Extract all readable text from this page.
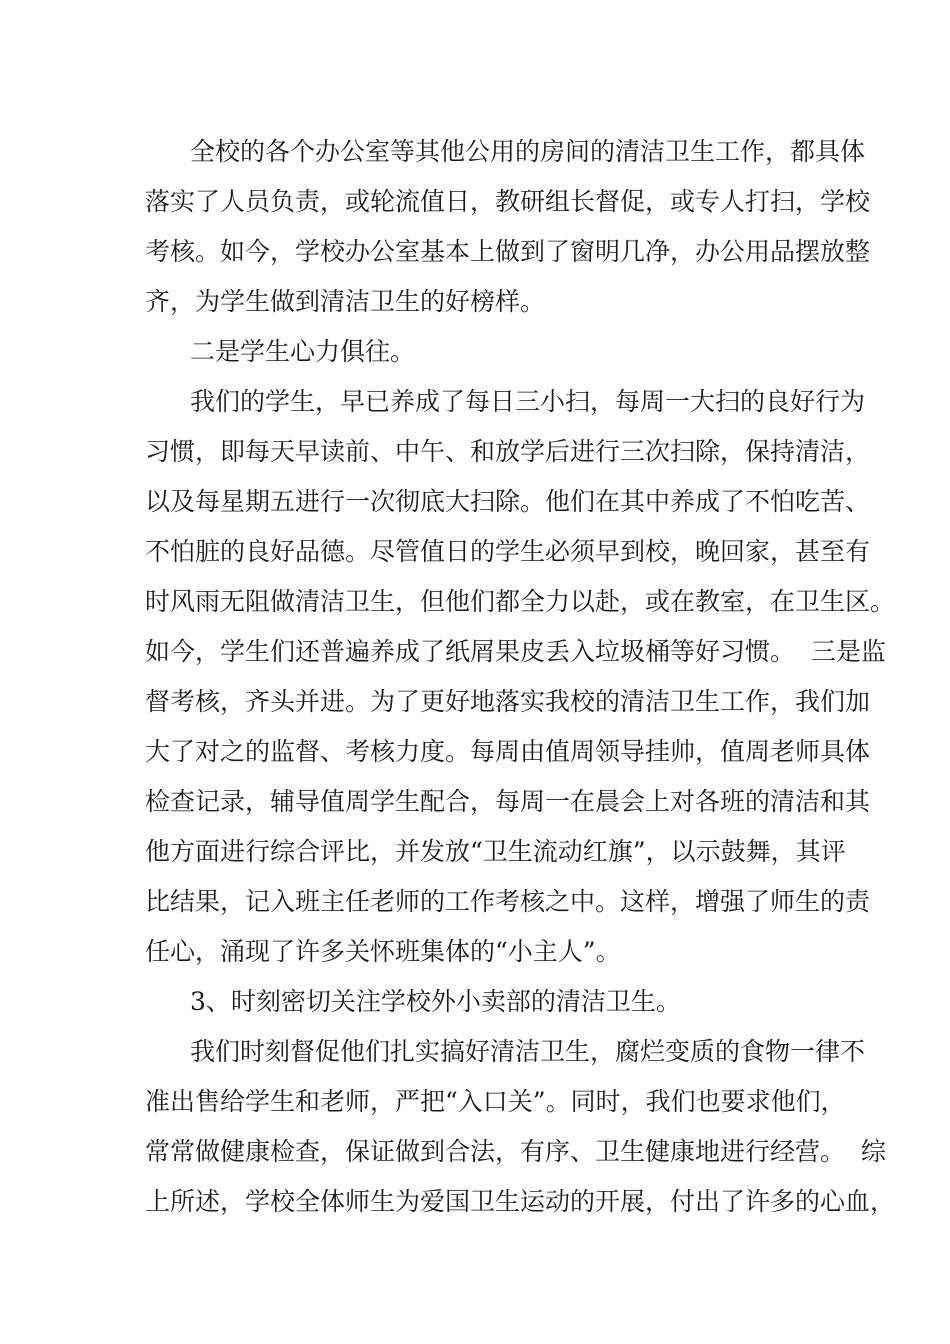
全校的各个办公室等其他公用的房间的清洁卫生工作，都具体
落实了人员负责，或轮流值日，教研组长督促，或专人打扫，学校
考核。如今，学校办公室基本上做到了窗明几净，办公用品摆放整
齐，为学生做到清洁卫生的好榜样。
二是学生心力俱往。
我们的学生，早已养成了每日三小扫，每周一大扫的良好行为
习惯，即每天早读前、中午、和放学后进行三次扫除，保持清洁，
以及每星期五进行一次彻底大扫除。他们在其中养成了不怕吃苦、
不怕脏的良好品德。尽管值日的学生必须早到校，晚回家，甚至有
时风雨无阻做清洁卫生，但他们都全力以赴，或在教室，在卫生区。
如今，学生们还普遍养成了纸屑果皮丢入垃圾桶等好习惯。  三是监
督考核，齐头并进。为了更好地落实我校的清洁卫生工作，我们加
大了对之的监督、考核力度。每周由值周领导挂帅，值周老师具体
检查记录，辅导值周学生配合，每周一在晨会上对各班的清洁和其
他方面进行综合评比，并发放“卫生流动红旗”，以示鼓舞，其评
比结果，记入班主任老师的工作考核之中。这样，增强了师生的责
任心，涌现了许多关怀班集体的“小主人”。
3、时刻密切关注学校外小卖部的清洁卫生。
我们时刻督促他们扎实搞好清洁卫生，腐烂变质的食物一律不
准出售给学生和老师，严把“入口关”。同时，我们也要求他们，
常常做健康检查，保证做到合法，有序、卫生健康地进行经营。  综
上所述，学校全体师生为爱国卫生运动的开展，付出了许多的心血，
